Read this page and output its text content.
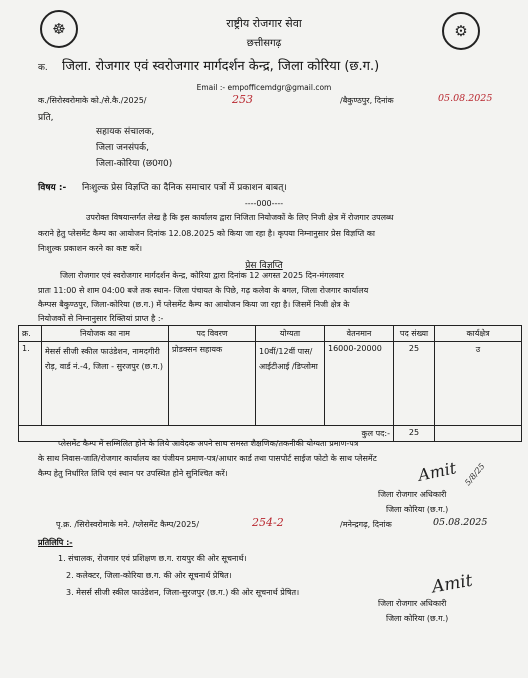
☸	⚙
राष्ट्रीय रोजगार सेवा
छत्तीसगढ़
क. जिला. रोजगार एवं स्वरोजगार मार्गदर्शन केन्द्र, जिला कोरिया (छ.ग.)
Email :- empofficemdgr@gmail.com
क./सिरोस्वरोमाके को./से.कै./2025/	253	/बैकुण्ठपुर, दिनांक	05.08.2025
प्रति,
सहायक संचालक,
जिला जनसंपर्क,
जिला-कोरिया (छ0ग0)
विषय :- निःशुल्क प्रेस विज्ञप्ति का दैनिक समाचार पत्रों में प्रकाशन बाबत्।
----000----
उपरोक्त विषयान्तर्गत लेख है कि इस कार्यालय द्वारा निजिता नियोजकों के लिए निजी क्षेत्र में रोजगार उपलब्ध
कराने हेतु प्लेसमेंट कैम्प का आयोजन दिनांक 12.08.2025 को किया जा रहा है। कृपया निम्नानुसार प्रेस विज्ञप्ति का
निःशुल्क प्रकाशन करने का कष्ट करें।
प्रेस विज्ञप्ति
जिला रोजगार एवं स्वरोजगार मार्गदर्शन केन्द्र, कोरिया द्वारा दिनांक 12 अगस्त 2025 दिन-मंगलवार
प्रातः 11:00 से शाम 04:00 बजे तक स्थान- जिला पंचायत के पिछे, गढ़ कलेवा के बगल, जिला रोजगार कार्यालय
कैम्पस बैकुण्ठपुर, जिला-कोरिया (छ.ग.) में प्लेसमेंट कैम्प का आयोजन किया जा रहा है। जिसमें निजी क्षेत्र के
नियोजकों से निम्नानुसार रिक्तियां प्राप्त है :-
क्र.	नियोजक का नाम	पद विवरण	योग्यता	वेतनमान	पद संख्या	कार्यक्षेत्र
1.	मेसर्स सीजी स्कील फाउंडेशन, नामदगीरी रोड़, वार्ड नं.-4, जिला - सुरजपुर (छ.ग.)	प्रोडक्सन सहायक	10वीं/12वीं पास/आईटीआई /डिप्लोमा	16000-20000	25	उ
कुल पद:-					25	
प्लेसमेंट कैम्प में सम्मिलित होने के लिये आवेदक अपने साथ समस्त शैक्षणिक/तकनीकी योग्यता प्रमाण-पत्र
के साथ निवास-जाति/रोजगार कार्यालय का पंजीयन प्रमाण-पत्र/आधार कार्ड तथा पासपोर्ट साईज फोटो के साथ प्लेसमेंट
कैम्प हेतु निर्धारित तिथि एवं स्थान पर उपस्थित होने सुनिश्चित करें।	Amit 5/8/25
जिला रोजगार अधिकारी
जिला कोरिया (छ.ग.)
पृ.क्र. /सिरोस्वरोमाके मने. /प्लेसमेंट कैम्प/2025/	254-2	/मनेन्द्रगढ़, दिनांक	05.08.2025
प्रतिलिपि :-
1. संचालक, रोजगार एवं प्रशिक्षण छ.ग. रायपुर की ओर सूचनार्थ।
2. कलेक्टर, जिला-कोरिया छ.ग. की ओर सूचनार्थ प्रेषित।
3. मेसर्स सीजी स्कील फाउंडेशन, जिला-सुरजपुर (छ.ग.) की ओर सूचनार्थ प्रेषित।	Amit
जिला रोजगार अधिकारी
जिला कोरिया (छ.ग.)
